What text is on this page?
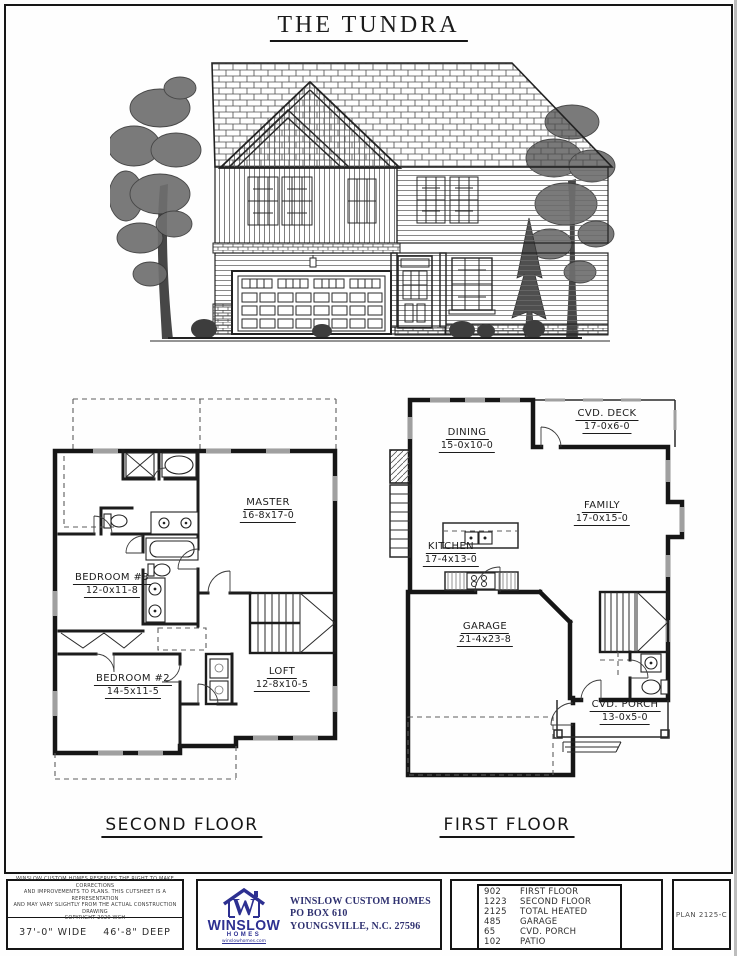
THE TUNDRA
MASTER
16-8x17-0
BEDROOM #3
12-0x11-8
BEDROOM #2
14-5x11-5
LOFT
12-8x10-5
DINING
15-0x10-0
CVD. DECK
17-0x6-0
FAMILY
17-0x15-0
KITCHEN
17-4x13-0
GARAGE
21-4x23-8
CVD. PORCH
13-0x5-0
SECOND FLOOR	FIRST FLOOR
WINSLOW CUSTOM HOMES RESERVES THE RIGHT TO MAKE CORRECTIONS
AND IMPROVEMENTS TO PLANS. THIS CUTSHEET IS A REPRESENTATION
AND MAY VARY SLIGHTLY FROM THE ACTUAL CONSTRUCTION DRAWING
COPYRIGHT 2020 WCH
37'-0" WIDE    46'-8" DEEP
W
WINSLOW
HOMES
winslowhomes.com
WINSLOW CUSTOM HOMES
PO BOX 610
YOUNGSVILLE, N.C. 27596
902	FIRST FLOOR
1223	SECOND FLOOR
2125	TOTAL HEATED
485	GARAGE
65	CVD. PORCH
102	PATIO
PLAN 2125-C
